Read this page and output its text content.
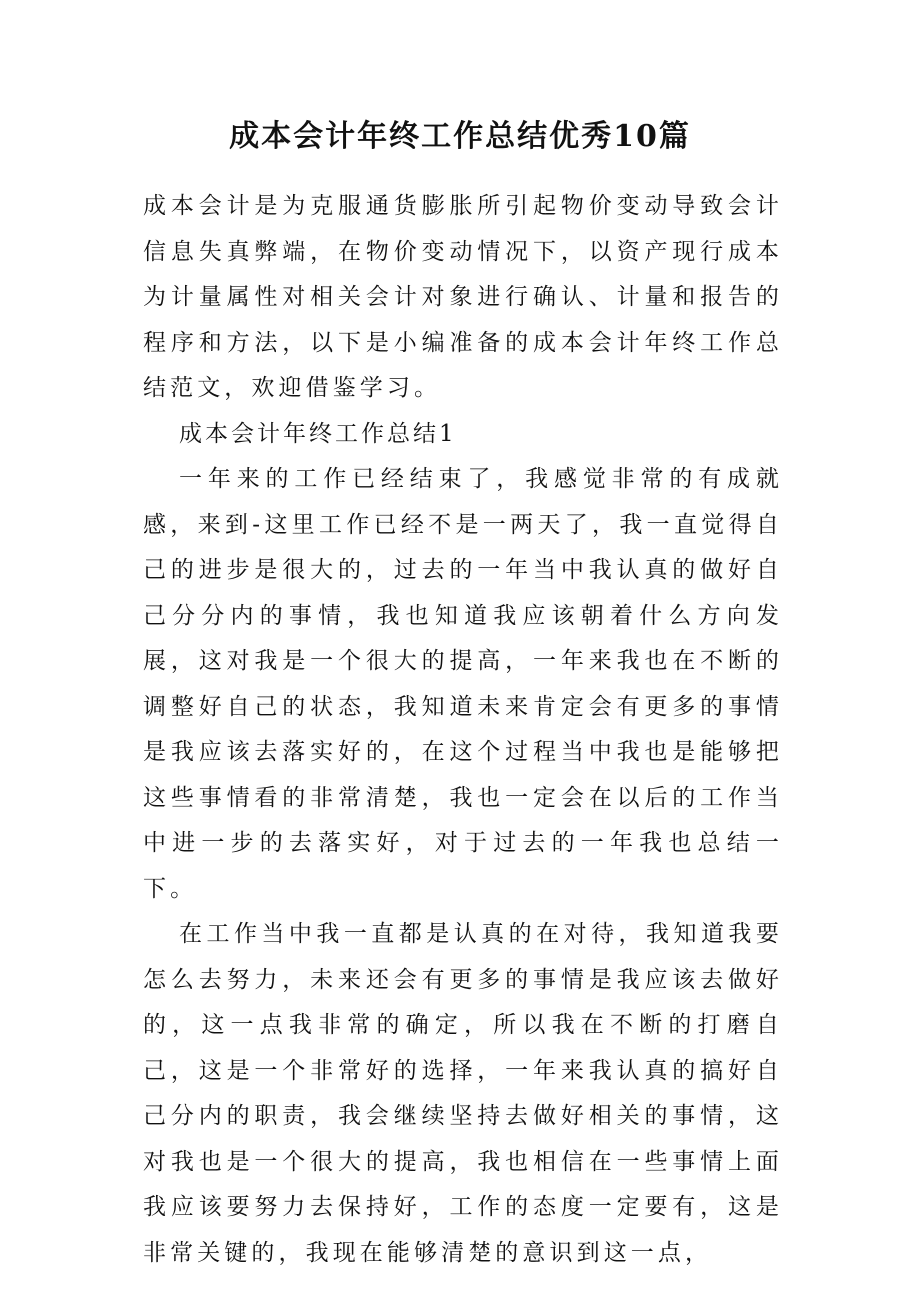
成本会计年终工作总结优秀10篇

成本会计是为克服通货膨胀所引起物价变动导致会计信息失真弊端，在物价变动情况下，以资产现行成本为计量属性对相关会计对象进行确认、计量和报告的程序和方法，以下是小编准备的成本会计年终工作总结范文，欢迎借鉴学习。

成本会计年终工作总结1

一年来的工作已经结束了，我感觉非常的有成就感，来到-这里工作已经不是一两天了，我一直觉得自己的进步是很大的，过去的一年当中我认真的做好自己分分内的事情，我也知道我应该朝着什么方向发展，这对我是一个很大的提高，一年来我也在不断的调整好自己的状态，我知道未来肯定会有更多的事情是我应该去落实好的，在这个过程当中我也是能够把这些事情看的非常清楚，我也一定会在以后的工作当中进一步的去落实好，对于过去的一年我也总结一下。

在工作当中我一直都是认真的在对待，我知道我要怎么去努力，未来还会有更多的事情是我应该去做好的，这一点我非常的确定，所以我在不断的打磨自己，这是一个非常好的选择，一年来我认真的搞好自己分内的职责，我会继续坚持去做好相关的事情，这对我也是一个很大的提高，我也相信在一些事情上面我应该要努力去保持好，工作的态度一定要有，这是非常关键的，我现在能够清楚的意识到这一点，
